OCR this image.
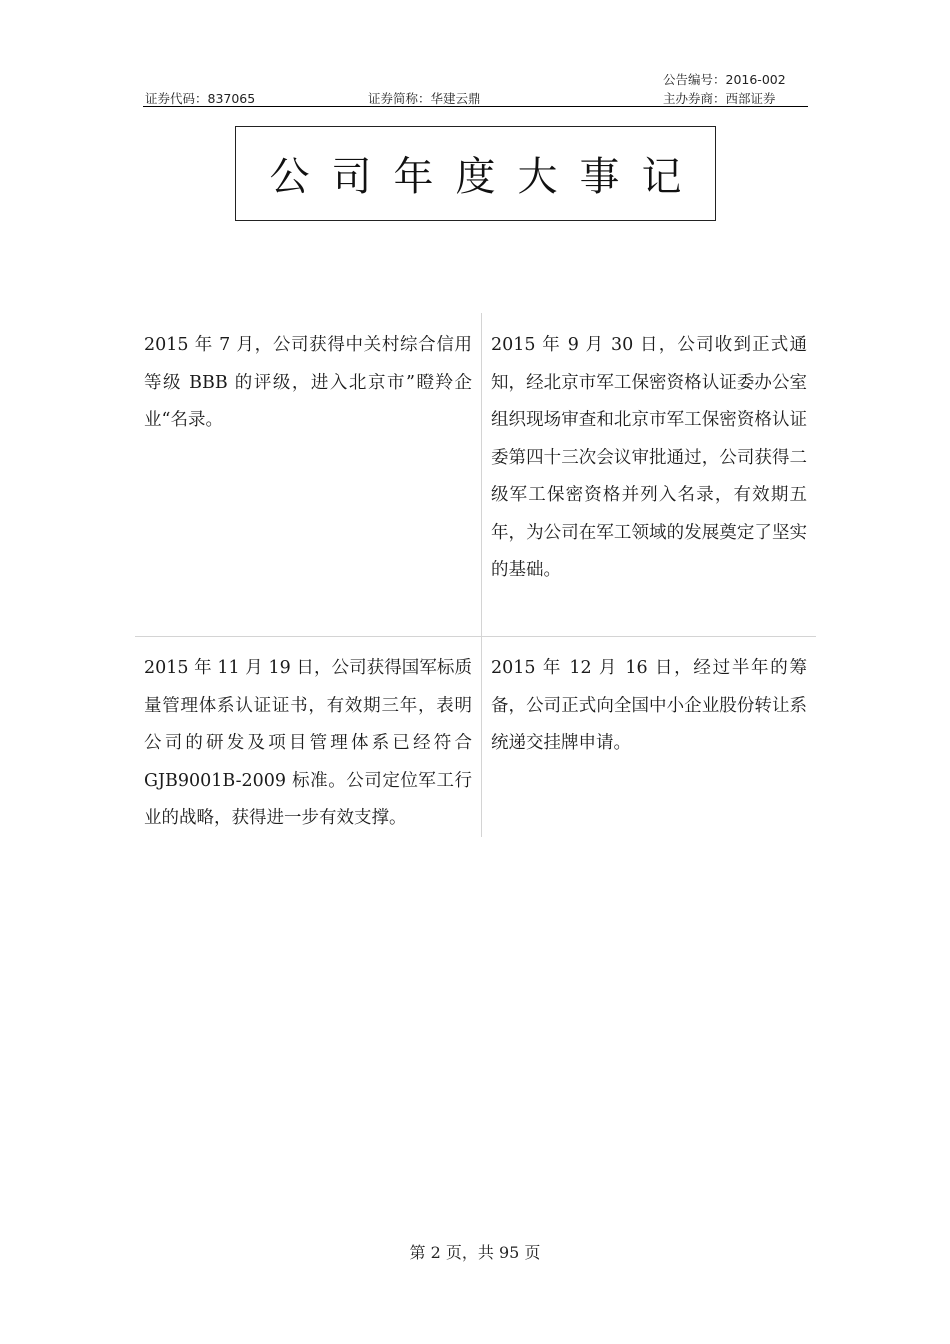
公告编号：2016-002
证券代码：837065	证券简称：华建云鼎	主办券商：西部证券
公司年度大事记
2015 年 7 月，公司获得中关村综合信用等级 BBB 的评级，进入北京市”瞪羚企业“名录。
2015 年 9 月 30 日，公司收到正式通知，经北京市军工保密资格认证委办公室组织现场审查和北京市军工保密资格认证委第四十三次会议审批通过，公司获得二级军工保密资格并列入名录，有效期五年，为公司在军工领域的发展奠定了坚实的基础。
2015 年 11 月 19 日，公司获得国军标质量管理体系认证证书，有效期三年，表明公司的研发及项目管理体系已经符合 GJB9001B-2009 标准。公司定位军工行业的战略，获得进一步有效支撑。
2015 年 12 月 16 日，经过半年的筹备，公司正式向全国中小企业股份转让系统递交挂牌申请。
第 2 页，共 95 页
